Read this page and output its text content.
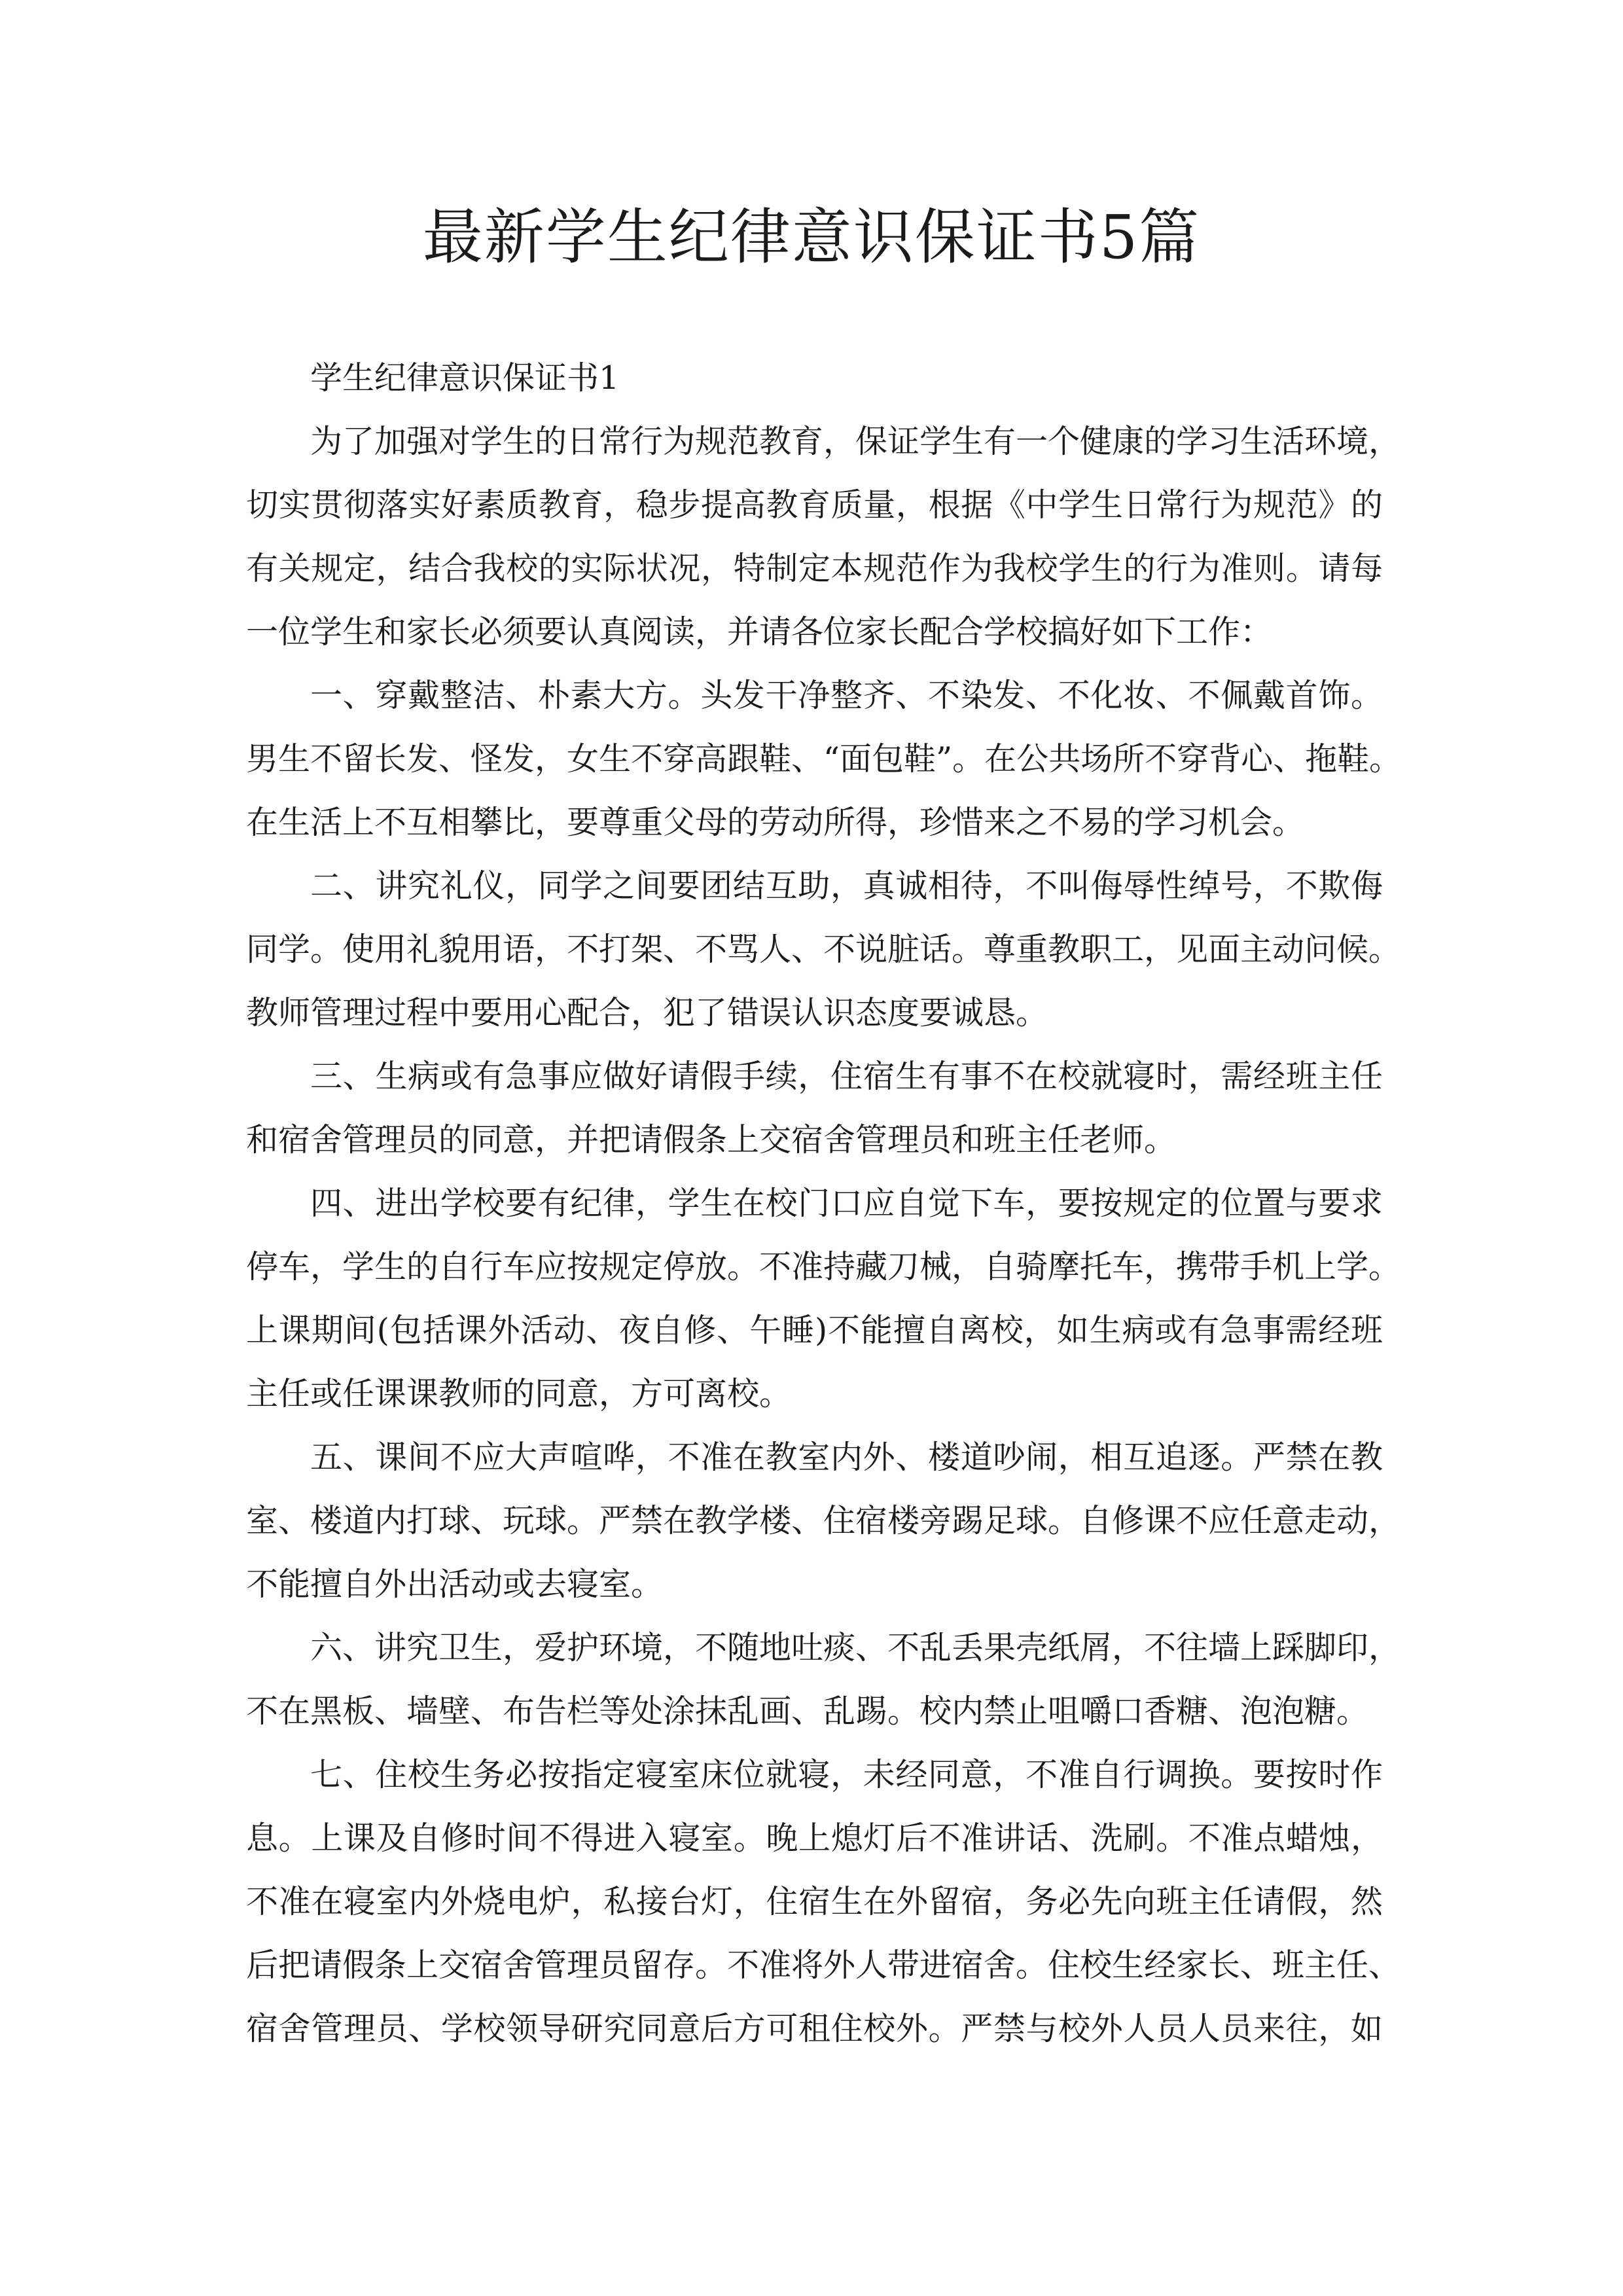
最新学生纪律意识保证书5篇
学生纪律意识保证书1
为了加强对学生的日常行为规范教育，保证学生有一个健康的学习生活环境，
切实贯彻落实好素质教育，稳步提高教育质量，根据《中学生日常行为规范》的
有关规定，结合我校的实际状况，特制定本规范作为我校学生的行为准则。请每
一位学生和家长必须要认真阅读，并请各位家长配合学校搞好如下工作：
一、穿戴整洁、朴素大方。头发干净整齐、不染发、不化妆、不佩戴首饰。
男生不留长发、怪发，女生不穿高跟鞋、“面包鞋”。在公共场所不穿背心、拖鞋。
在生活上不互相攀比，要尊重父母的劳动所得，珍惜来之不易的学习机会。
二、讲究礼仪，同学之间要团结互助，真诚相待，不叫侮辱性绰号，不欺侮
同学。使用礼貌用语，不打架、不骂人、不说脏话。尊重教职工，见面主动问候。
教师管理过程中要用心配合，犯了错误认识态度要诚恳。
三、生病或有急事应做好请假手续，住宿生有事不在校就寝时，需经班主任
和宿舍管理员的同意，并把请假条上交宿舍管理员和班主任老师。
四、进出学校要有纪律，学生在校门口应自觉下车，要按规定的位置与要求
停车，学生的自行车应按规定停放。不准持藏刀械，自骑摩托车，携带手机上学。
上课期间(包括课外活动、夜自修、午睡)不能擅自离校，如生病或有急事需经班
主任或任课课教师的同意，方可离校。
五、课间不应大声喧哗，不准在教室内外、楼道吵闹，相互追逐。严禁在教
室、楼道内打球、玩球。严禁在教学楼、住宿楼旁踢足球。自修课不应任意走动，
不能擅自外出活动或去寝室。
六、讲究卫生，爱护环境，不随地吐痰、不乱丢果壳纸屑，不往墙上踩脚印，
不在黑板、墙壁、布告栏等处涂抹乱画、乱踢。校内禁止咀嚼口香糖、泡泡糖。
七、住校生务必按指定寝室床位就寝，未经同意，不准自行调换。要按时作
息。上课及自修时间不得进入寝室。晚上熄灯后不准讲话、洗刷。不准点蜡烛，
不准在寝室内外烧电炉，私接台灯，住宿生在外留宿，务必先向班主任请假，然
后把请假条上交宿舍管理员留存。不准将外人带进宿舍。住校生经家长、班主任、
宿舍管理员、学校领导研究同意后方可租住校外。严禁与校外人员人员来往，如
